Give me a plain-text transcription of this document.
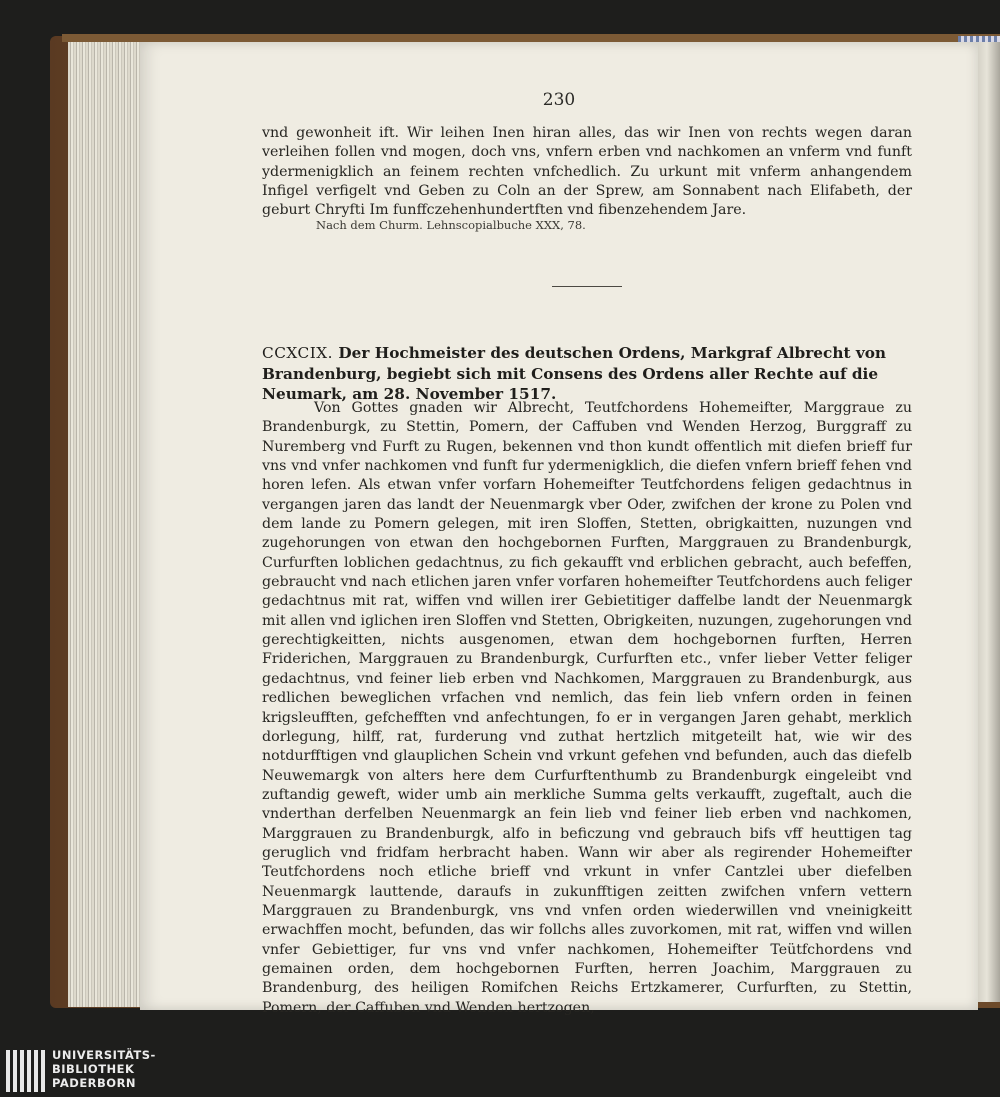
230
vnd gewonheit ift. Wir leihen Inen hiran alles, das wir Inen von rechts wegen daran verleihen follen vnd mogen, doch vns, vnfern erben vnd nachkomen an vnferm vnd funft ydermenigklich an feinem rechten vnfchedlich. Zu urkunt mit vnferm anhangendem Infigel verfigelt vnd Geben zu Coln an der Sprew, am Sonnabent nach Elifabeth, der geburt Chryfti Im funffczehenhundertften vnd fibenzehendem Jare.
Nach dem Churm. Lehnscopialbuche XXX, 78.
CCXCIX. Der Hochmeister des deutschen Ordens, Markgraf Albrecht von Brandenburg, begiebt sich mit Consens des Ordens aller Rechte auf die Neumark, am 28. November 1517.
Von Gottes gnaden wir Albrecht, Teutfchordens Hohemeifter, Marggraue zu Brandenburgk, zu Stettin, Pomern, der Caffuben vnd Wenden Herzog, Burggraff zu Nuremberg vnd Furft zu Rugen, bekennen vnd thon kundt offentlich mit diefen brieff fur vns vnd vnfer nachkomen vnd funft fur ydermenigklich, die diefen vnfern brieff fehen vnd horen lefen. Als etwan vnfer vorfarn Hohemeifter Teutfchordens feligen gedachtnus in vergangen jaren das landt der Neuenmargk vber Oder, zwifchen der krone zu Polen vnd dem lande zu Pomern gelegen, mit iren Sloffen, Stetten, obrigkaitten, nuzungen vnd zugehorungen von etwan den hochgebornen Furften, Marggrauen zu Brandenburgk, Curfurften loblichen gedachtnus, zu fich gekaufft vnd erblichen gebracht, auch befeffen, gebraucht vnd nach etlichen jaren vnfer vorfaren hohemeifter Teutfchordens auch feliger gedachtnus mit rat, wiffen vnd willen irer Gebietitiger daffelbe landt der Neuenmargk mit allen vnd iglichen iren Sloffen vnd Stetten, Obrigkeiten, nuzungen, zugehorungen vnd gerechtigkeitten, nichts ausgenomen, etwan dem hochgebornen furften, Herren Friderichen, Marggrauen zu Brandenburgk, Curfurften etc., vnfer lieber Vetter feliger gedachtnus, vnd feiner lieb erben vnd Nachkomen, Marggrauen zu Brandenburgk, aus redlichen beweglichen vrfachen vnd nemlich, das fein lieb vnfern orden in feinen krigsleufften, gefchefften vnd anfechtungen, fo er in vergangen Jaren gehabt, merklich dorlegung, hilff, rat, furderung vnd zuthat hertzlich mitgeteilt hat, wie wir des notdurfftigen vnd glauplichen Schein vnd vrkunt gefehen vnd befunden, auch das diefelb Neuwemargk von alters here dem Curfurftenthumb zu Brandenburgk eingeleibt vnd zuftandig geweft, wider umb ain merkliche Summa gelts verkaufft, zugeftalt, auch die vnderthan derfelben Neuenmargk an fein lieb vnd feiner lieb erben vnd nachkomen, Marggrauen zu Brandenburgk, alfo in beficzung vnd gebrauch bifs vff heuttigen tag geruglich vnd fridfam herbracht haben. Wann wir aber als regirender Hohemeifter Teutfchordens noch etliche brieff vnd vrkunt in vnfer Cantzlei uber diefelben Neuenmargk lauttende, daraufs in zukunfftigen zeitten zwifchen vnfern vettern Marggrauen zu Brandenburgk, vns vnd vnfen orden wiederwillen vnd vneinigkeitt erwachffen mocht, befunden, das wir follchs alles zuvorkomen, mit rat, wiffen vnd willen vnfer Gebiettiger, fur vns vnd vnfer nachkomen, Hohemeifter Teütfchordens vnd gemainen orden, dem hochgebornen Furften, herren Joachim, Marggrauen zu Brandenburg, des heiligen Romifchen Reichs Ertzkamerer, Curfurften, zu Stettin, Pomern, der Caffuben vnd Wenden hertzogen,
UNIVERSITÄTS-
BIBLIOTHEK
PADERBORN
